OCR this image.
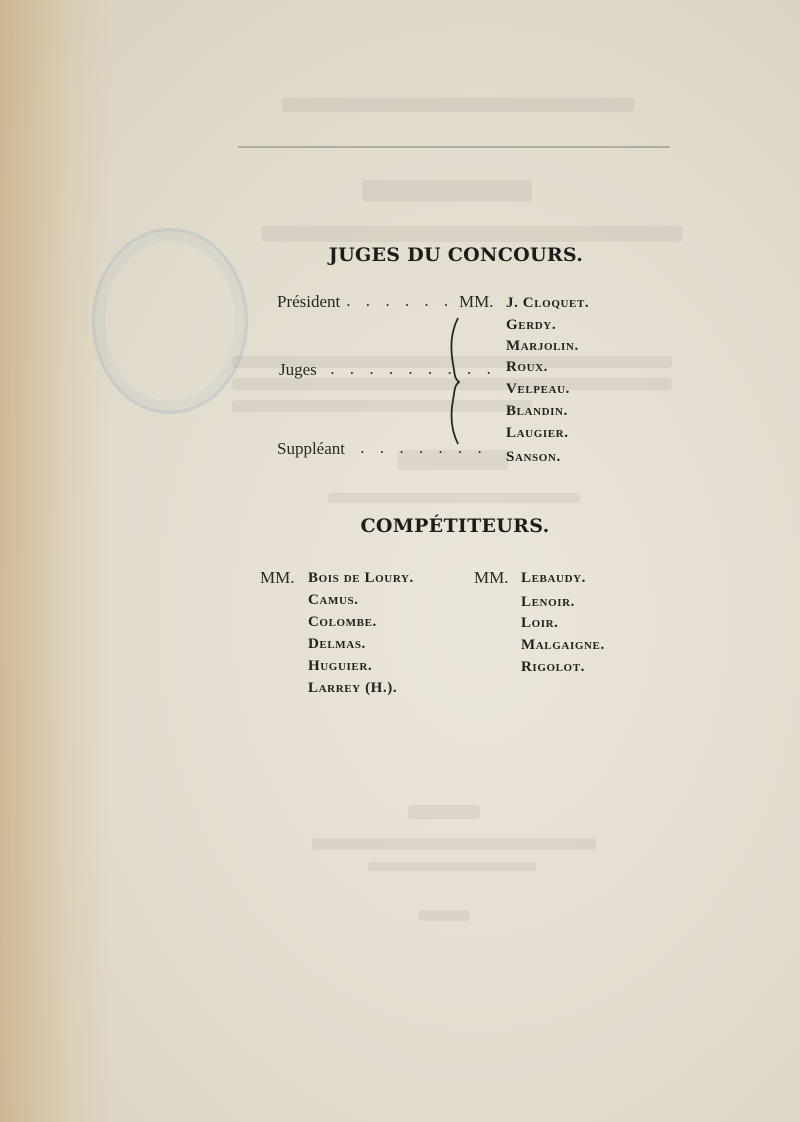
JUGES DU CONCOURS.
Président . . . . . . MM. J. Cloquet.
Gerdy.
Marjolin.
Roux.
Velpeau.
Blandin.
Laugier.
Juges . . . . . . . . .
Suppléant . . . . . . . Sanson.
COMPÉTITEURS.
MM. Bois de Loury.
Camus.
Colombe.
Delmas.
Huguier.
Larrey (H.).
MM. Lebaudy.
Lenoir.
Loir.
Malgaigne.
Rigolot.
